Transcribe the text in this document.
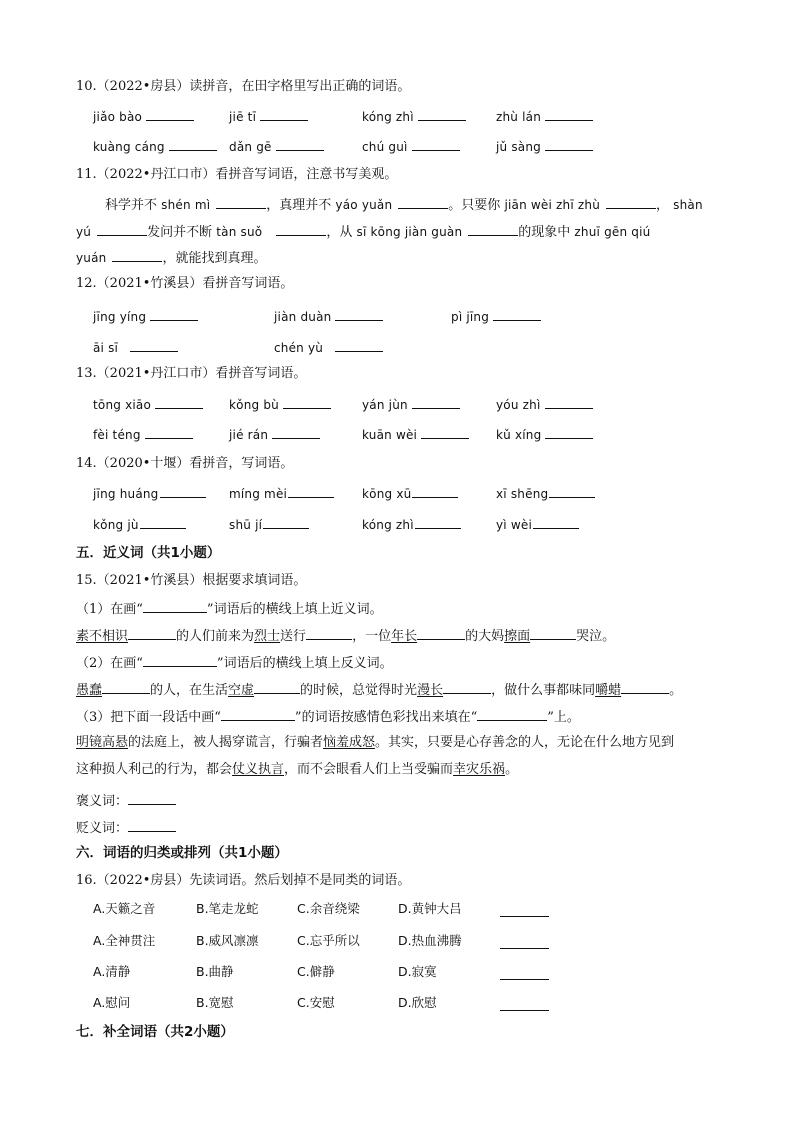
10.（2022•房县）读拼音，在田字格里写出正确的词语。
jiǎo bào	jiē tī	kóng zhì	zhù lán
kuàng cáng	dǎn gē	chú guì	jǔ sàng
11.（2022•丹江口市）看拼音写词语，注意书写美观。
科学并不 shén mì	，真理并不 yáo yuǎn	。只要你 jiān wèi zhī zhù	， shàn
yú	发问并不断 tàn suǒ	，从 sī kōng jiàn guàn	的现象中 zhuī gēn qiú
yuán	，就能找到真理。
12.（2021•竹溪县）看拼音写词语。
jīng yíng	jiàn duàn	pì jīng
āi sī	chén yù
13.（2021•丹江口市）看拼音写词语。
tōng xiāo	kǒng bù	yán jùn	yóu zhì
fèi téng	jié rán	kuān wèi	kǔ xíng
14.（2020•十堰）看拼音，写词语。
jīng huáng	míng mèi	kōng xū	xī shēng
kǒng jù	shū jí	kóng zhì	yì wèi
五．近义词（共1小题）
15.（2021•竹溪县）根据要求填词语。
（1）在画“	”词语后的横线上填上近义词。
素不相识	的人们前来为烈士送行	，一位年长	的大妈擦面	哭泣。
（2）在画“	”词语后的横线上填上反义词。
愚蠢	的人，在生活空虚	的时候，总觉得时光漫长	，做什么事都味同嚼蜡	。
（3）把下面一段话中画“	”的词语按感情色彩找出来填在“	”上。
明镜高悬的法庭上，被人揭穿谎言，行骗者恼羞成怒。其实，只要是心存善念的人，无论在什么地方见到
这种损人利己的行为，都会仗义执言，而不会眼看人们上当受骗而幸灾乐祸。
褒义词：
贬义词：
六．词语的归类或排列（共1小题）
16.（2022•房县）先读词语。然后划掉不是同类的词语。
A.天籁之音	B.笔走龙蛇	C.余音绕梁	D.黄钟大吕
A.全神贯注	B.威风凛凛	C.忘乎所以	D.热血沸腾
A.清静	B.曲静	C.僻静	D.寂寞
A.慰问	B.宽慰	C.安慰	D.欣慰
七．补全词语（共2小题）
